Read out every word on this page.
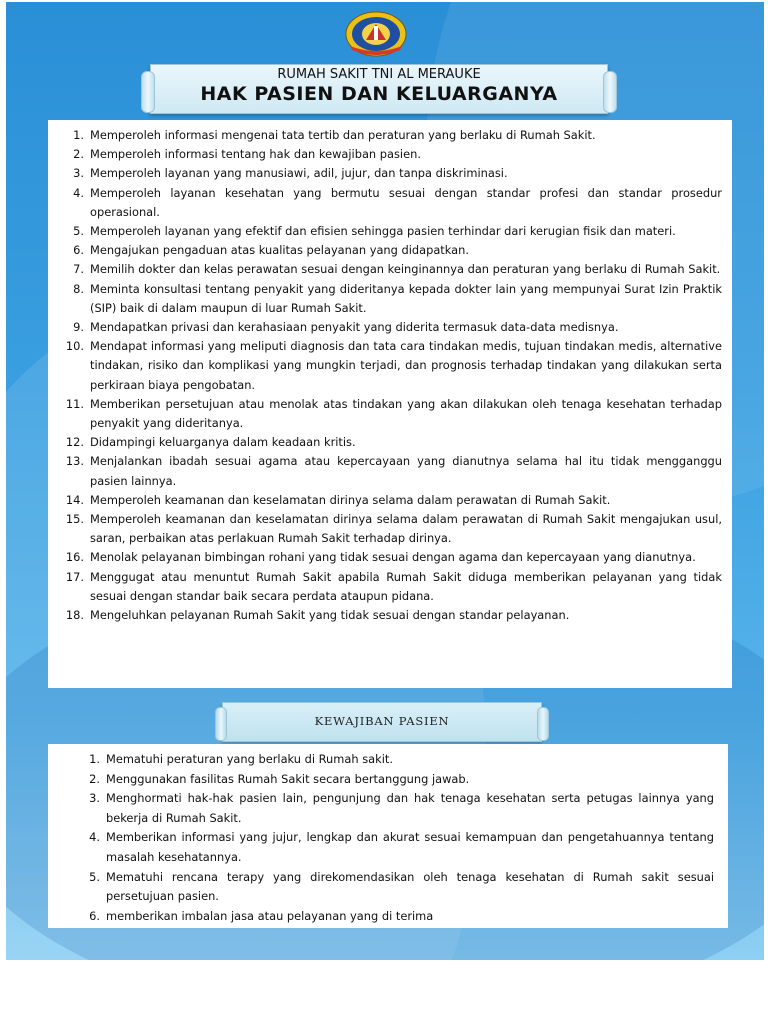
RUMAH SAKIT TNI AL MERAUKE
HAK PASIEN DAN KELUARGANYA
1. Memperoleh informasi mengenai tata tertib dan peraturan yang berlaku di Rumah Sakit.
2. Memperoleh informasi tentang hak dan kewajiban pasien.
3. Memperoleh layanan yang manusiawi, adil, jujur, dan tanpa diskriminasi.
4. Memperoleh layanan kesehatan yang bermutu sesuai dengan standar profesi dan standar prosedur operasional.
5. Memperoleh layanan yang efektif dan efisien sehingga pasien terhindar dari kerugian fisik dan materi.
6. Mengajukan pengaduan atas kualitas pelayanan yang didapatkan.
7. Memilih dokter dan kelas perawatan sesuai dengan keinginannya dan peraturan yang berlaku di Rumah Sakit.
8. Meminta konsultasi tentang penyakit yang dideritanya kepada dokter lain yang mempunyai Surat Izin Praktik (SIP) baik di dalam maupun di luar Rumah Sakit.
9. Mendapatkan privasi dan kerahasiaan penyakit yang diderita termasuk data-data medisnya.
10. Mendapat informasi yang meliputi diagnosis dan tata cara tindakan medis, tujuan tindakan medis, alternative tindakan, risiko dan komplikasi yang mungkin terjadi, dan prognosis terhadap tindakan yang dilakukan serta perkiraan biaya pengobatan.
11. Memberikan persetujuan atau menolak atas tindakan yang akan dilakukan oleh tenaga kesehatan terhadap penyakit yang dideritanya.
12. Didampingi keluarganya dalam keadaan kritis.
13. Menjalankan ibadah sesuai agama atau kepercayaan yang dianutnya selama hal itu tidak mengganggu pasien lainnya.
14. Memperoleh keamanan dan keselamatan dirinya selama dalam perawatan di Rumah Sakit.
15. Memperoleh keamanan dan keselamatan dirinya selama dalam perawatan di Rumah Sakit mengajukan usul, saran, perbaikan atas perlakuan Rumah Sakit terhadap dirinya.
16. Menolak pelayanan bimbingan rohani yang tidak sesuai dengan agama dan kepercayaan yang dianutnya.
17. Menggugat atau menuntut Rumah Sakit apabila Rumah Sakit diduga memberikan pelayanan yang tidak sesuai dengan standar baik secara perdata ataupun pidana.
18. Mengeluhkan pelayanan Rumah Sakit yang tidak sesuai dengan standar pelayanan.
KEWAJIBAN PASIEN
1. Mematuhi peraturan yang berlaku di Rumah sakit.
2. Menggunakan fasilitas Rumah Sakit secara bertanggung jawab.
3. Menghormati hak-hak pasien lain, pengunjung dan hak tenaga kesehatan serta petugas lainnya yang bekerja di Rumah Sakit.
4. Memberikan informasi yang jujur, lengkap dan akurat sesuai kemampuan dan pengetahuannya tentang masalah kesehatannya.
5. Mematuhi rencana terapy yang direkomendasikan oleh tenaga kesehatan di Rumah sakit sesuai persetujuan pasien.
6. memberikan imbalan jasa atau pelayanan yang di terima
